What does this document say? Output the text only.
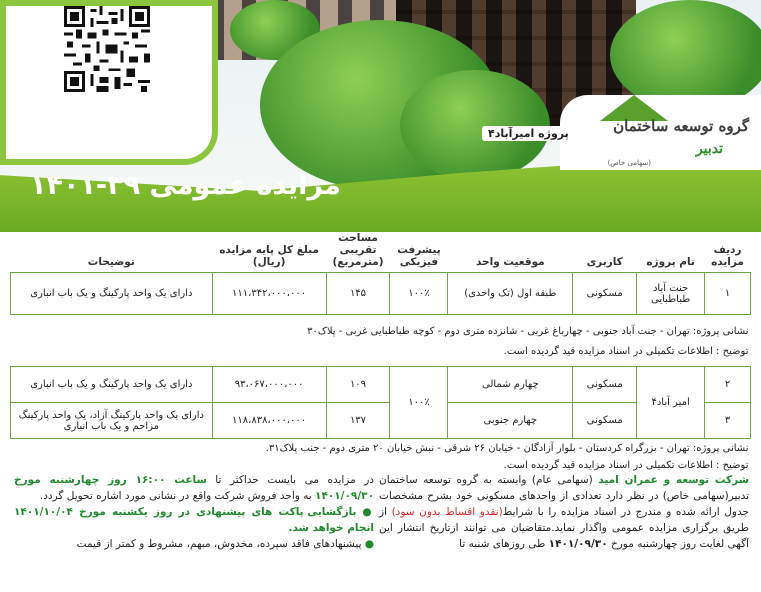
گروه توسعه ساختمان
تدبیر
(سهامی خاص)
پروژه امیرآباد۴
مزایده عمومی ۳۹-۱۴۰۱
ردیف مزایده	نام پروژه	کاربری	موقعیت واحد	پیشرفت فیزیکی	مساحت تقریبی (مترمربع)	مبلغ کل پایه مزایده (ریال)	توضیحات
۱	جنت آباد طباطبایی	مسکونی	طبقه اول (تک واحدی)	۱۰۰٪	۱۴۵	۱۱۱،۳۴۲،۰۰۰،۰۰۰	دارای یک واحد پارکینگ و یک باب انباری

نشانی پروژه: تهران - جنت آباد جنوبی - چهارباغ غربی - شانزده متری دوم - کوچه طباطبایی غربی - پلاک۳۰
توضیح : اطلاعات تکمیلی در اسناد مزایده قید گردیده است.							

۲	امیر آباد۴	مسکونی	چهارم شمالی	۱۰۰٪	۱۰۹	۹۳،۰۶۷،۰۰۰،۰۰۰	دارای یک واحد پارکینگ و یک باب انباری
۳		مسکونی	چهارم جنوبی		۱۳۷	۱۱۸،۸۳۸،۰۰۰،۰۰۰	دارای یک واحد پارکینگ آزاد، یک واحد پارکینگ مزاحم و یک باب انباری

نشانی پروژه: تهران - بزرگراه کردستان - بلوار آزادگان - خیابان ۲۶ شرقی - نبش خیابان ۲۰ متری دوم - جنب پلاک۳۱.
توضیح : اطلاعات تکمیلی در اسناد مزایده قید گردیده است.							
شرکت توسعه و عمران امید (سهامی عام) وابسته به گروه توسعه ساختمان تدبیر(سهامی خاص) در نظر دارد تعدادی از واحدهای مسکونی خود بشرح مشخصات جدول ارائه شده و مندرج در اسناد مزایده را با شرایط(نقدو اقساط بدون سود) از طریق برگزاری مزایده عمومی واگذار نماید.متقاضیان می توانند ازتاریخ انتشار این آگهی لغایت روز چهارشنبه مورخ ۱۴۰۱/۰۹/۳۰ طی روزهای شنبه تا
در مزایده می بایست حداکثر تا ساعت ۱۶:۰۰ روز چهارشنبه مورخ ۱۴۰۱/۰۹/۳۰ به واحد فروش شرکت واقع در نشانی مورد اشاره تحویل گردد.
● بازگشایی پاکت های پیشنهادی در روز یکشنبه مورخ ۱۴۰۱/۱۰/۰۴ انجام خواهد شد.
● پیشنهادهای فاقد سپرده، مخدوش، مبهم، مشروط و کمتر از قیمت
